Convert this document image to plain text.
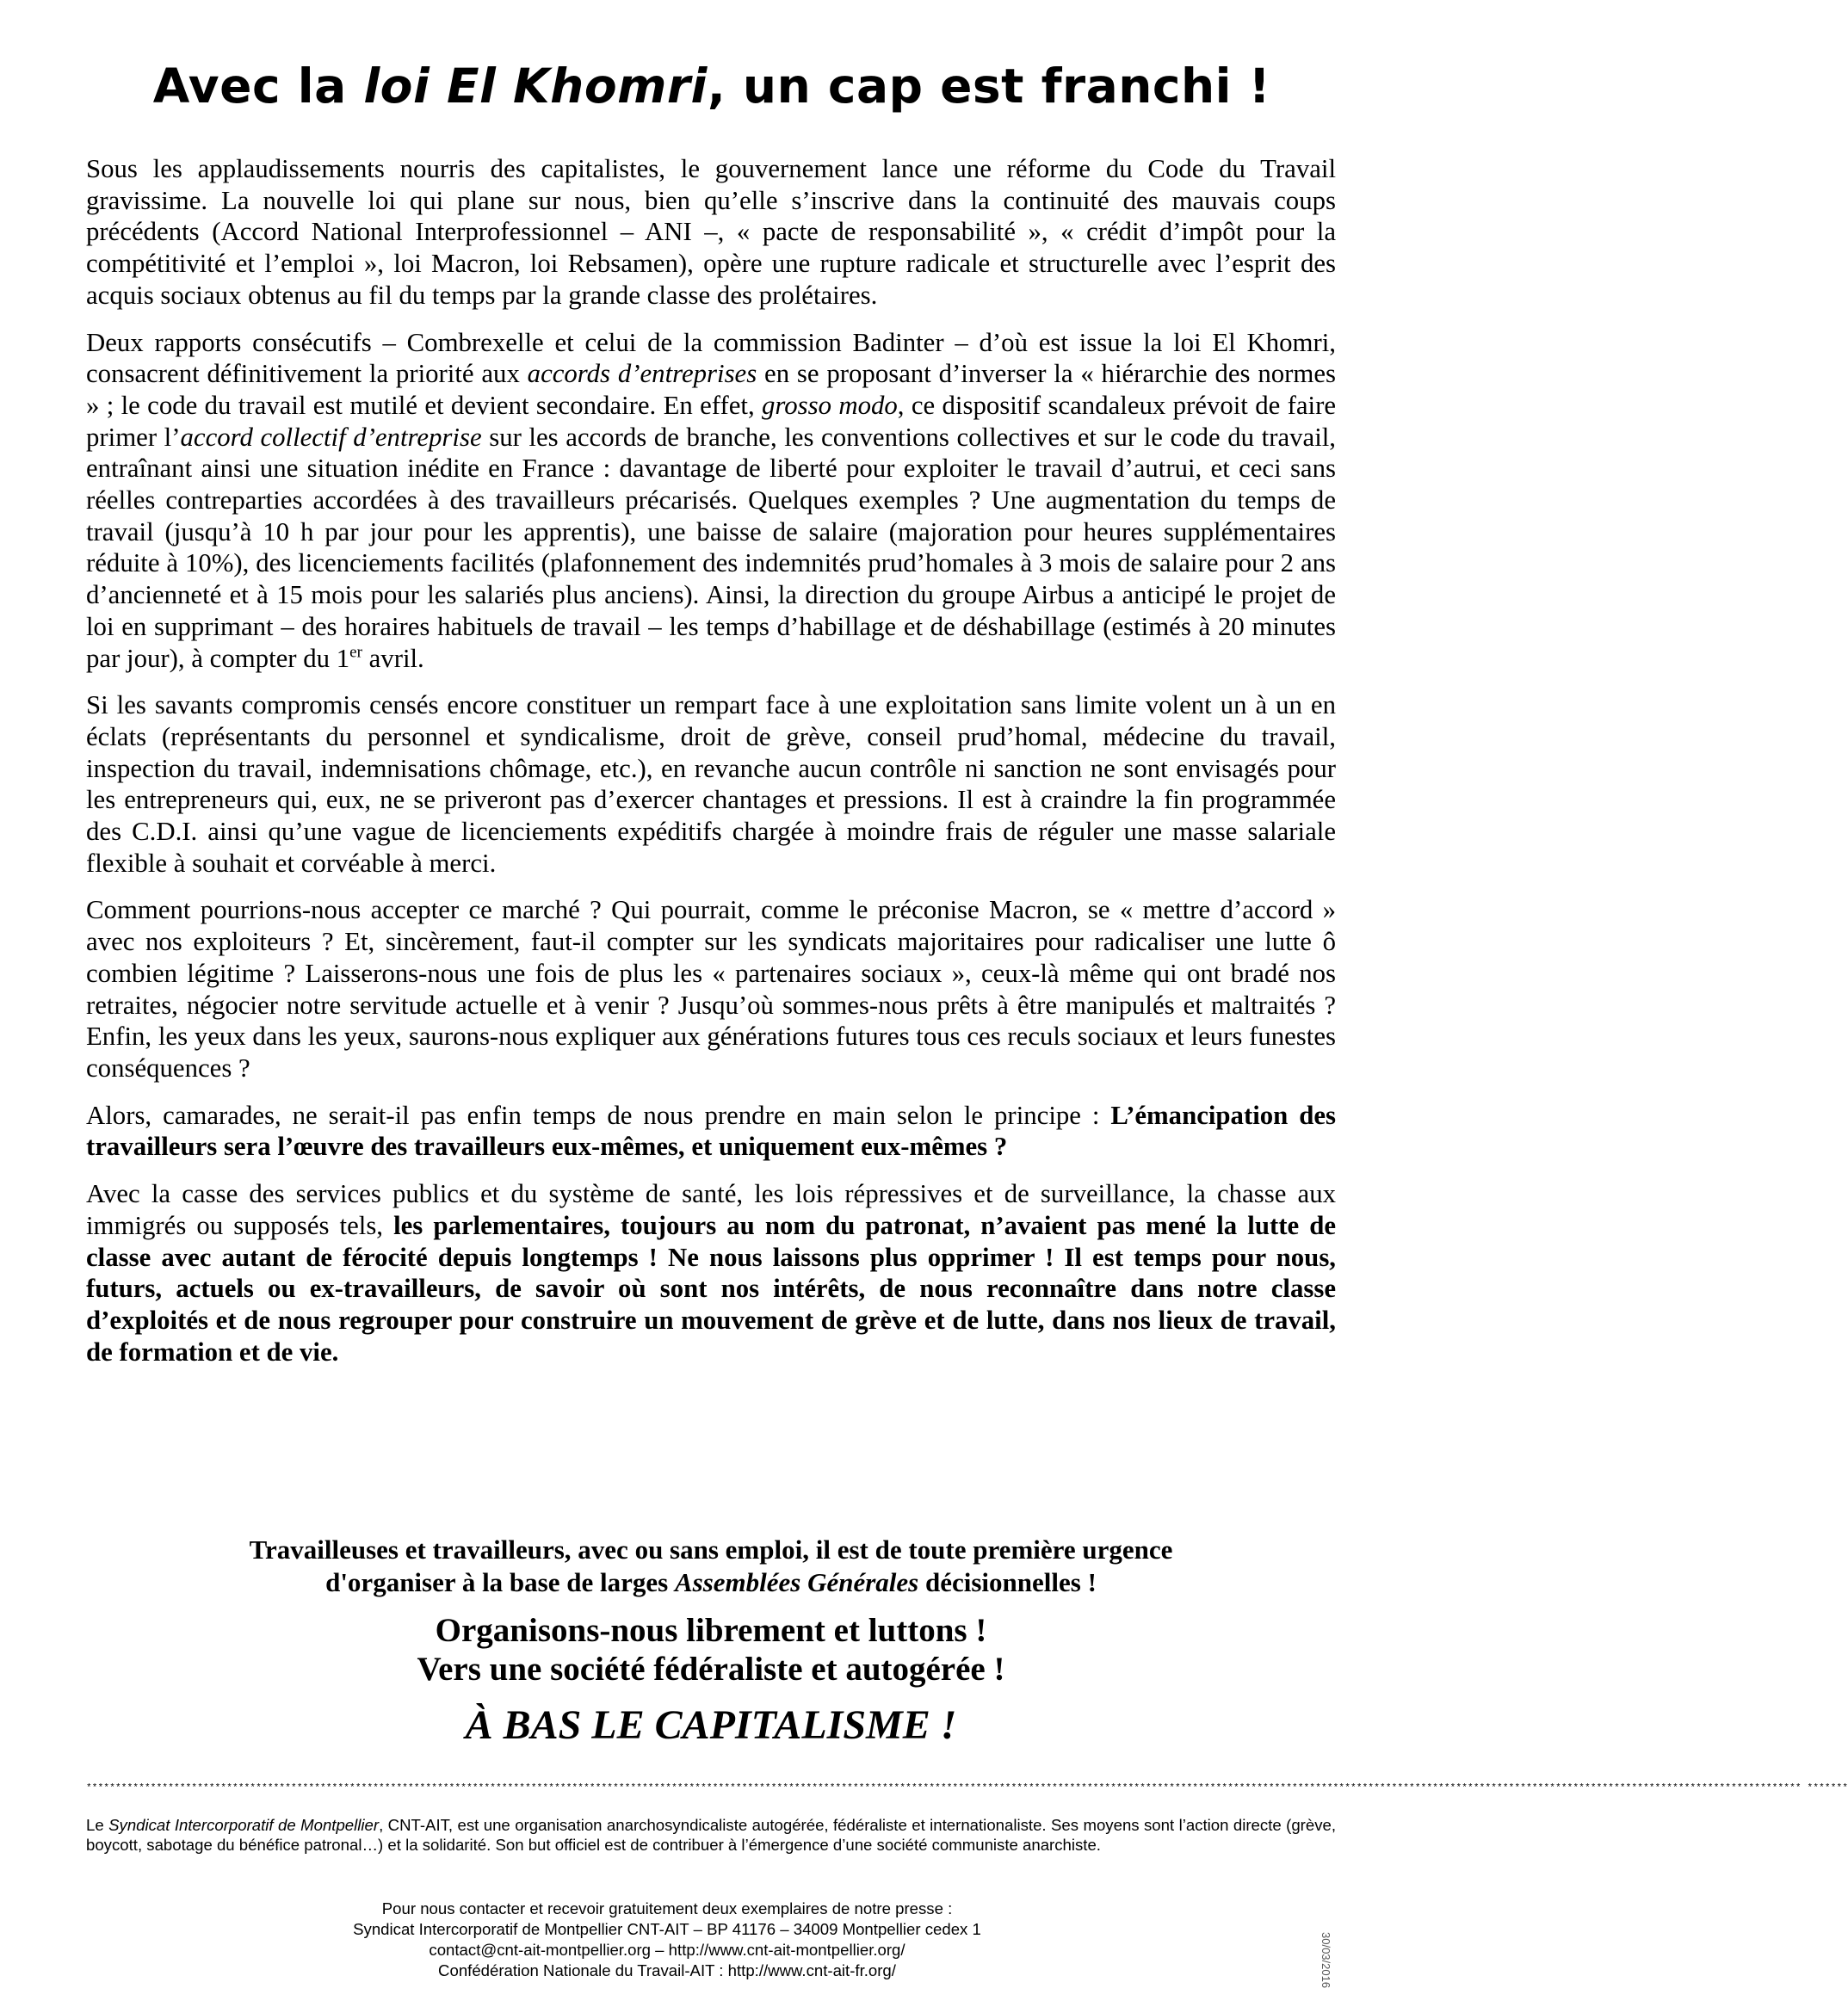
Avec la loi El Khomri, un cap est franchi !

Sous les applaudissements nourris des capitalistes, le gouvernement lance une réforme du Code du Travail gravissime. La nouvelle loi qui plane sur nous, bien qu’elle s’inscrive dans la continuité des mauvais coups précédents (Accord National Interprofessionnel – ANI –, « pacte de responsabilité », « crédit d’impôt pour la compétitivité et l’emploi », loi Macron, loi Rebsamen), opère une rupture radicale et structurelle avec l’esprit des acquis sociaux obtenus au fil du temps par la grande classe des prolétaires.

Deux rapports consécutifs – Combrexelle et celui de la commission Badinter – d’où est issue la loi El Khomri, consacrent définitivement la priorité aux accords d’entreprises en se proposant d’inverser la « hiérarchie des normes » ; le code du travail est mutilé et devient secondaire. En effet, grosso modo, ce dispositif scandaleux prévoit de faire primer l’accord collectif d’entreprise sur les accords de branche, les conventions collectives et sur le code du travail, entraînant ainsi une situation inédite en France : davantage de liberté pour exploiter le travail d’autrui, et ceci sans réelles contreparties accordées à des travailleurs précarisés. Quelques exemples ? Une augmentation du temps de travail (jusqu’à 10 h par jour pour les apprentis), une baisse de salaire (majoration pour heures supplémentaires réduite à 10%), des licenciements facilités (plafonnement des indemnités prud’homales à 3 mois de salaire pour 2 ans d’ancienneté et à 15 mois pour les salariés plus anciens). Ainsi, la direction du groupe Airbus a anticipé le projet de loi en supprimant – des horaires habituels de travail – les temps d’habillage et de déshabillage (estimés à 20 minutes par jour), à compter du 1er avril.

Si les savants compromis censés encore constituer un rempart face à une exploitation sans limite volent un à un en éclats (représentants du personnel et syndicalisme, droit de grève, conseil prud’homal, médecine du travail, inspection du travail, indemnisations chômage, etc.), en revanche aucun contrôle ni sanction ne sont envisagés pour les entrepreneurs qui, eux, ne se priveront pas d’exercer chantages et pressions. Il est à craindre la fin programmée des C.D.I. ainsi qu’une vague de licenciements expéditifs chargée à moindre frais de réguler une masse salariale flexible à souhait et corvéable à merci.

Comment pourrions-nous accepter ce marché ? Qui pourrait, comme le préconise Macron, se « mettre d’accord » avec nos exploiteurs ? Et, sincèrement, faut-il compter sur les syndicats majoritaires pour radicaliser une lutte ô combien légitime ? Laisserons-nous une fois de plus les « partenaires sociaux », ceux-là même qui ont bradé nos retraites, négocier notre servitude actuelle et à venir ? Jusqu’où sommes-nous prêts à être manipulés et maltraités ? Enfin, les yeux dans les yeux, saurons-nous expliquer aux générations futures tous ces reculs sociaux et leurs funestes conséquences ?

Alors, camarades, ne serait-il pas enfin temps de nous prendre en main selon le principe : L’émancipation des travailleurs sera l’œuvre des travailleurs eux-mêmes, et uniquement eux-mêmes ?

Avec la casse des services publics et du système de santé, les lois répressives et de surveillance, la chasse aux immigrés ou supposés tels, les parlementaires, toujours au nom du patronat, n’avaient pas mené la lutte de classe avec autant de férocité depuis longtemps ! Ne nous laissons plus opprimer ! Il est temps pour nous, futurs, actuels ou ex-travailleurs, de savoir où sont nos intérêts, de nous reconnaître dans notre classe d’exploités et de nous regrouper pour construire un mouvement de grève et de lutte, dans nos lieux de travail, de formation et de vie.

Travailleuses et travailleurs, avec ou sans emploi, il est de toute première urgence
d'organiser à la base de larges Assemblées Générales décisionnelles !
Organisons-nous librement et luttons !
Vers une société fédéraliste et autogérée !
À BAS LE CAPITALISME !
***************************************************************************************************************************************************************************************************************************************************************************************************** *******
Le Syndicat Intercorporatif de Montpellier, CNT-AIT, est une organisation anarchosyndicaliste autogérée, fédéraliste et internationaliste. Ses moyens sont l’action directe (grève, boycott, sabotage du bénéfice patronal…) et la solidarité. Son but officiel est de contribuer à l’émergence d’une société communiste anarchiste.
Pour nous contacter et recevoir gratuitement deux exemplaires de notre presse :
Syndicat Intercorporatif de Montpellier CNT-AIT – BP 41176 – 34009 Montpellier cedex 1
contact@cnt-ait-montpellier.org – http://www.cnt-ait-montpellier.org/
Confédération Nationale du Travail-AIT : http://www.cnt-ait-fr.org/	30/03/2016
